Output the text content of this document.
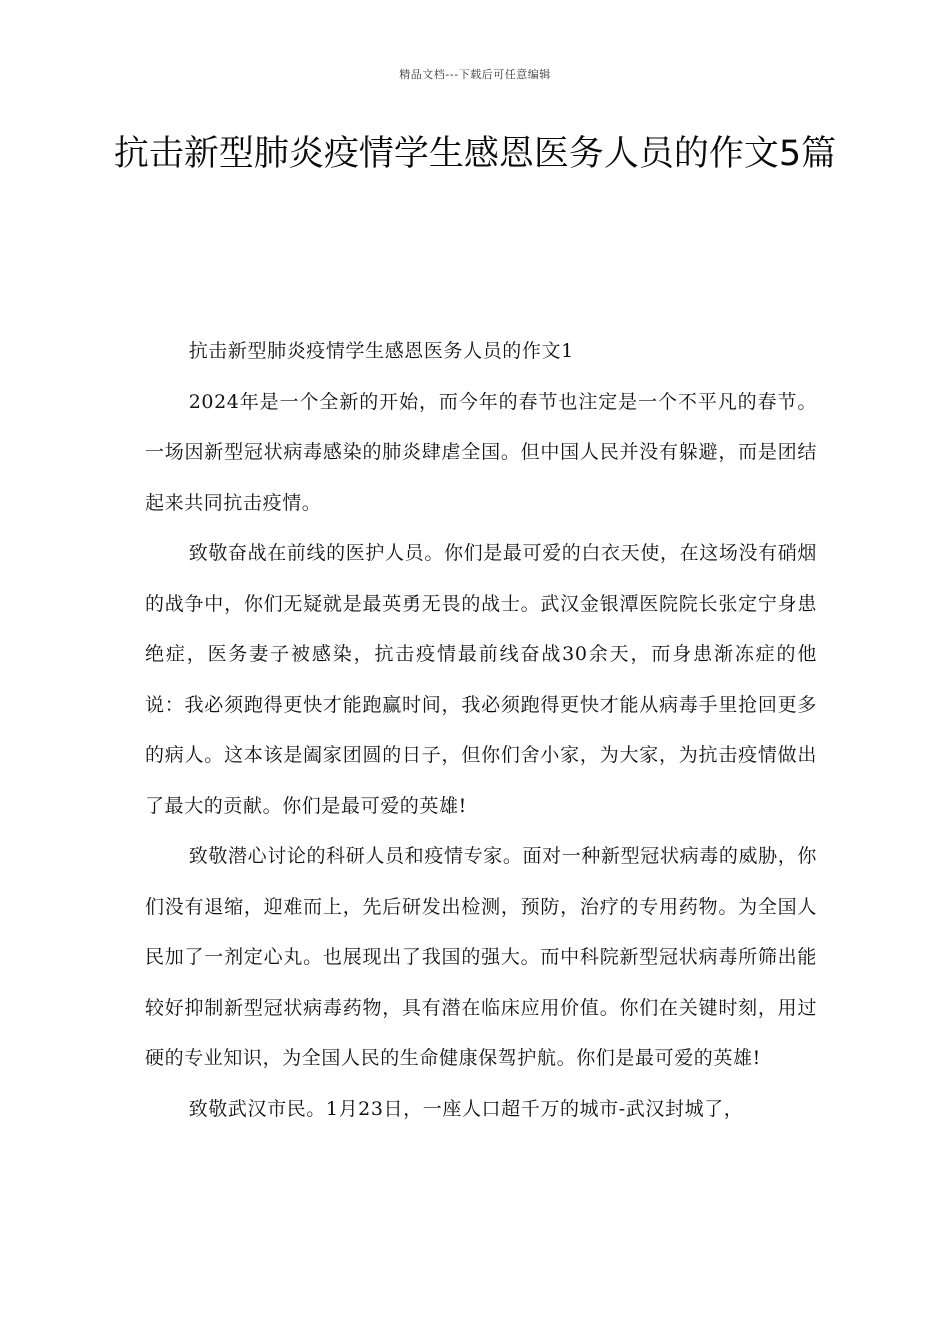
精品文档---下载后可任意编辑
抗击新型肺炎疫情学生感恩医务人员的作文5篇

抗击新型肺炎疫情学生感恩医务人员的作文1

2024年是一个全新的开始，而今年的春节也注定是一个不平凡的春节。一场因新型冠状病毒感染的肺炎肆虐全国。但中国人民并没有躲避，而是团结起来共同抗击疫情。

致敬奋战在前线的医护人员。你们是最可爱的白衣天使，在这场没有硝烟的战争中，你们无疑就是最英勇无畏的战士。武汉金银潭医院院长张定宁身患绝症，医务妻子被感染，抗击疫情最前线奋战30余天，而身患渐冻症的他说：我必须跑得更快才能跑赢时间，我必须跑得更快才能从病毒手里抢回更多的病人。这本该是阖家团圆的日子，但你们舍小家，为大家，为抗击疫情做出了最大的贡献。你们是最可爱的英雄!

致敬潜心讨论的科研人员和疫情专家。面对一种新型冠状病毒的威胁，你们没有退缩，迎难而上，先后研发出检测，预防，治疗的专用药物。为全国人民加了一剂定心丸。也展现出了我国的强大。而中科院新型冠状病毒所筛出能较好抑制新型冠状病毒药物，具有潜在临床应用价值。你们在关键时刻，用过硬的专业知识，为全国人民的生命健康保驾护航。你们是最可爱的英雄!

致敬武汉市民。1月23日，一座人口超千万的城市-武汉封城了，
